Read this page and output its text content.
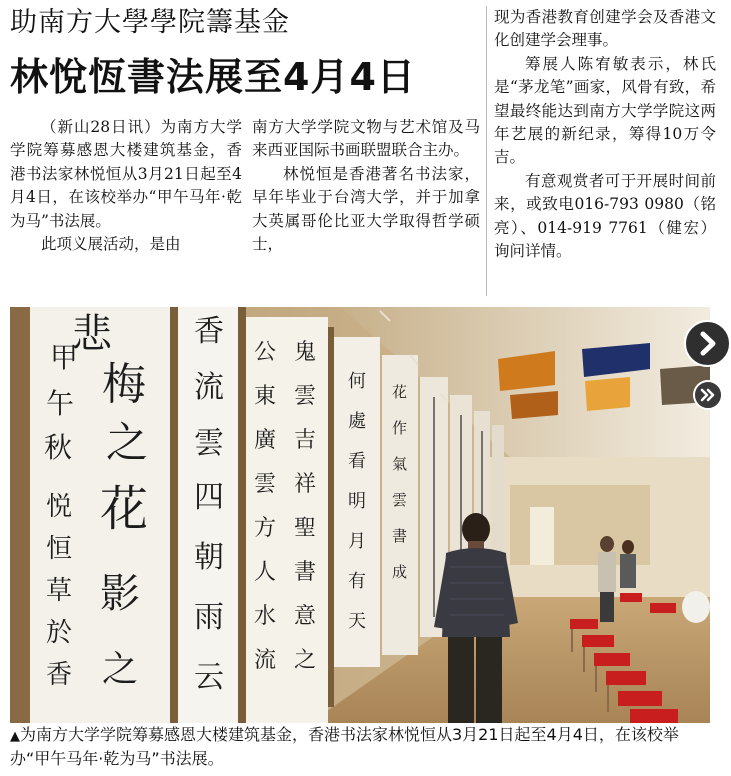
助南方大學學院籌基金
林悅恆書法展至4月4日

（新山28日讯）为南方大学学院筹募感恩大楼建筑基金，香港书法家林悦恒从3月21日起至4月4日，在该校举办“甲午马年·乾为马”书法展。

此项义展活动，是由

南方大学学院文物与艺术馆及马来西亚国际书画联盟联合主办。

林悦恒是香港著名书法家，早年毕业于台湾大学，并于加拿大英属哥伦比亚大学取得哲学硕士，

现为香港教育创建学会及香港文化创建学会理事。

筹展人陈宥敏表示，林氏是“茅龙笔”画家，风骨有致，希望最终能达到南方大学学院这两年艺展的新纪录，筹得10万令吉。

有意观赏者可于开展时间前来，或致电016-793 0980（铭亮）、014-919 7761（健宏）询问详情。

悲
梅
甲
午
秋 之
花
悦
恒
草
於
香
影
之
香
流
雲
四
朝
雨
云
公
東
廣
雲
方
人
水
流
鬼
雲
吉
祥
聖
書
意
之
何
處
看
明
月
有
天
花
作
氣
雲
書
成
▲为南方大学学院筹募感恩大楼建筑基金，香港书法家林悦恒从3月21日起至4月4日，在该校举办“甲午马年·乾为马”书法展。
